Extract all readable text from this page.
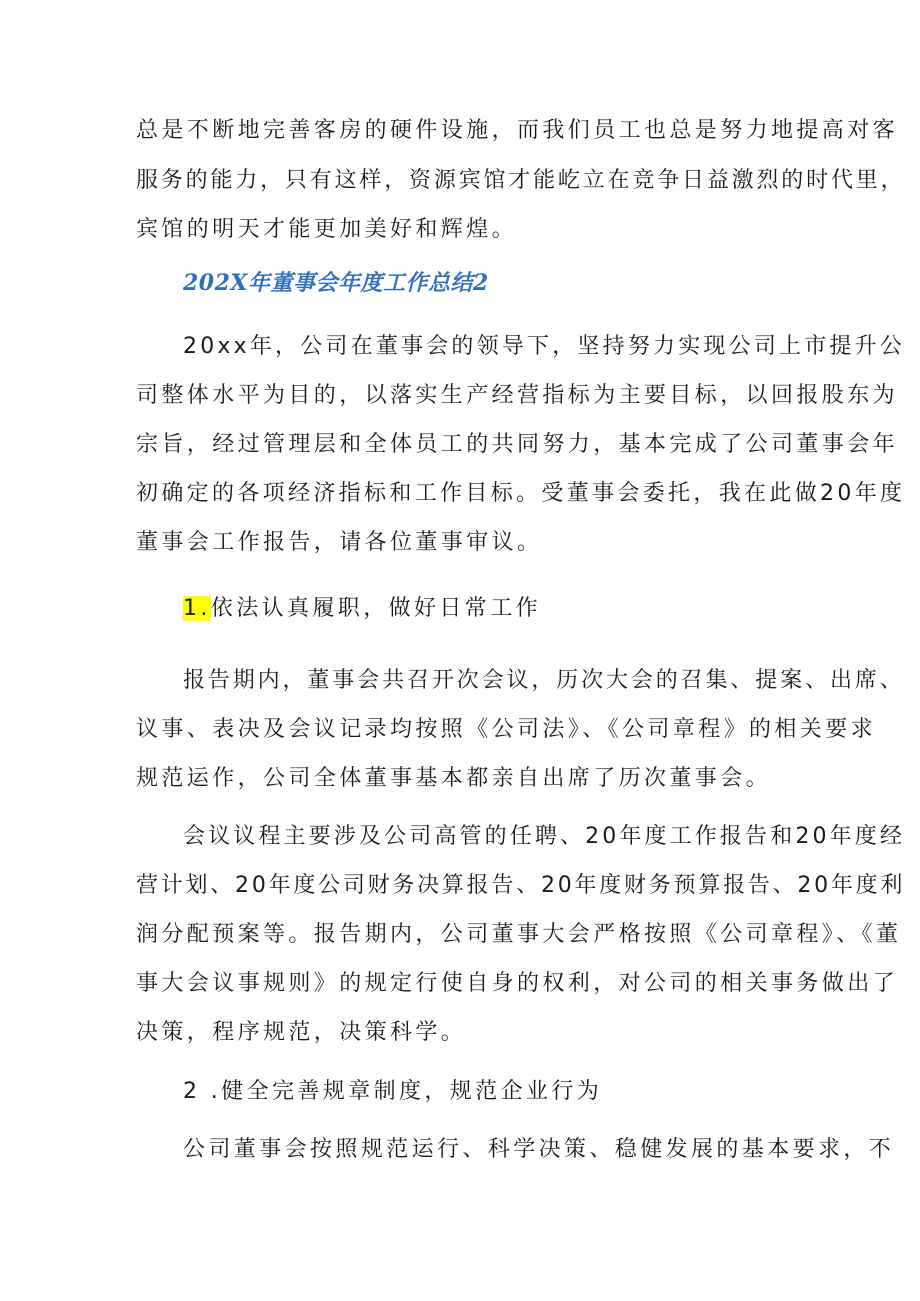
总是不断地完善客房的硬件设施，而我们员工也总是努力地提高对客

服务的能力，只有这样，资源宾馆才能屹立在竞争日益激烈的时代里，

宾馆的明天才能更加美好和辉煌。

202X年董事会年度工作总结2

20xx年，公司在董事会的领导下，坚持努力实现公司上市提升公

司整体水平为目的，以落实生产经营指标为主要目标，以回报股东为

宗旨，经过管理层和全体员工的共同努力，基本完成了公司董事会年

初确定的各项经济指标和工作目标。受董事会委托，我在此做20年度

董事会工作报告，请各位董事审议。

1.依法认真履职，做好日常工作

报告期内，董事会共召开次会议，历次大会的召集、提案、出席、

议事、表决及会议记录均按照《公司法》、《公司章程》的相关要求

规范运作，公司全体董事基本都亲自出席了历次董事会。

会议议程主要涉及公司高管的任聘、20年度工作报告和20年度经

营计划、20年度公司财务决算报告、20年度财务预算报告、20年度利

润分配预案等。报告期内，公司董事大会严格按照《公司章程》、《董

事大会议事规则》的规定行使自身的权利，对公司的相关事务做出了

决策，程序规范，决策科学。

2 .健全完善规章制度，规范企业行为

公司董事会按照规范运行、科学决策、稳健发展的基本要求，不
